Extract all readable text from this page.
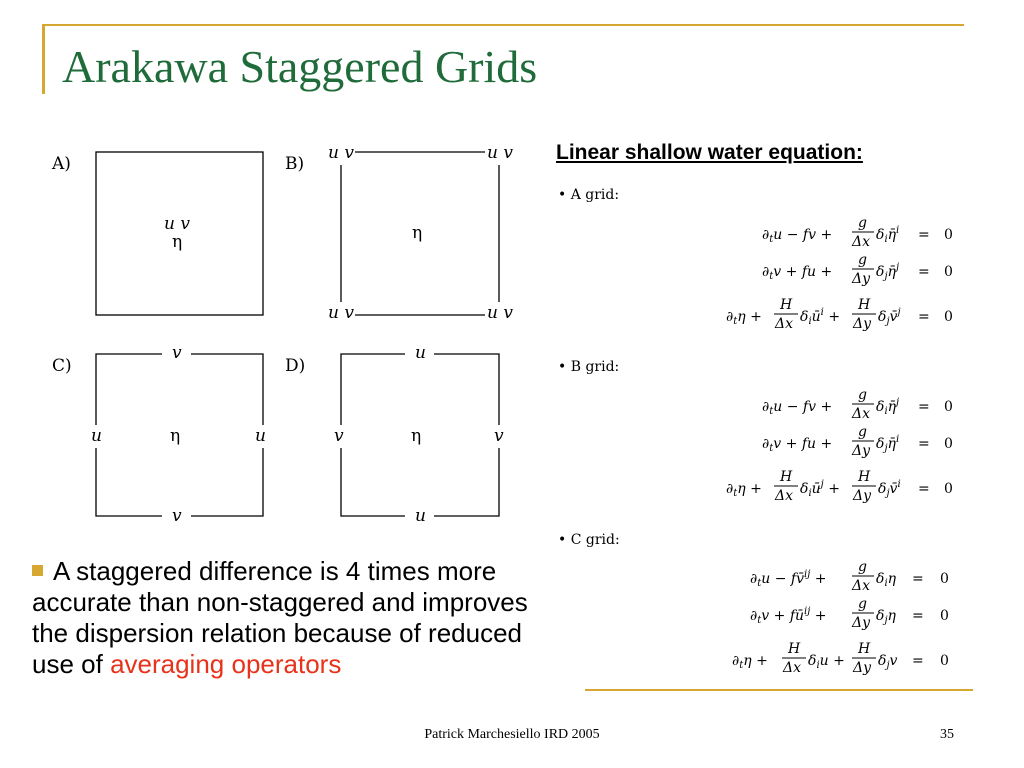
Arakawa Staggered Grids
A)
u v
η
B)
u v	u v
u v	u v
η
C)
v
v
u	u
η
D)
u
u
v	v
η
Linear shallow water equation:
• A grid:
$\partial_tu$ − fv +
g
Δx $\delta_i\etā^i = 0$
$\partial_tv$ + fu +
g
Δy $\delta_j\etā^j = 0$
$\partial_t\eta$ +
H
Δx $\delta_iū^i$ +
H
Δy $\delta_jv̄^j = 0$
• B grid:
$\partial_tu$ − fv +
g
Δx $\delta_i\etā^j = 0$
$\partial_tv$ + fu +
g
Δy $\delta_j\etā^i = 0$
$\partial_t\eta$ +
H
Δx $\delta_iū^j$ +
H
Δy $\delta_jv̄^i = 0$
• C grid:
$\partial_tu$ − fv̄$^{ij}$ +
g
Δx $\delta_i\eta = 0$
$\partial_tv$ + $fū^{ij}$ +
g
Δy $\delta_j\eta = 0$
$\partial_t\eta$ +
H
Δx $\delta_iu$ +
H
Δy $\delta_jv = 0$
A staggered difference is 4 times more accurate than non-staggered and improves the dispersion relation because of reduced use of averaging operators
Patrick Marchesiello IRD 2005	35
